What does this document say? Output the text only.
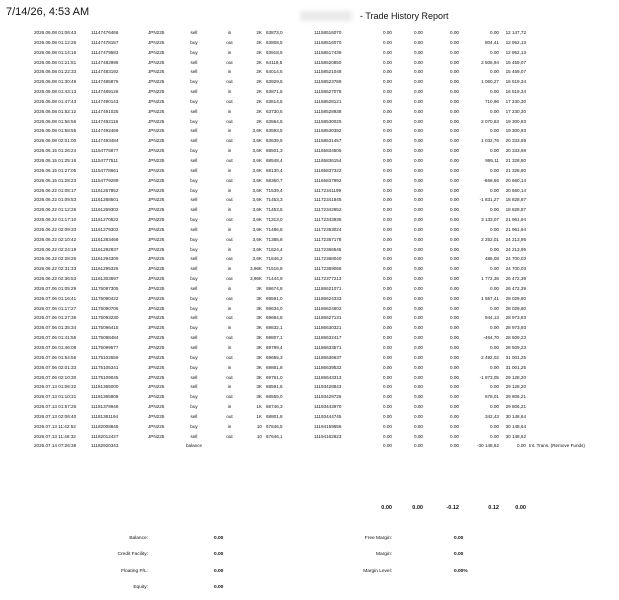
7/14/26, 4:53 AM	- Trade History Report
2026.06.08 01:06:43	11147476466	JPN225	sell	in	2K 63873,0	11158516070	0.00	0.00	0.00	0.00	12 147,72
2026.06.08 01:12:26	11147478157	JPN225	buy	out	2K 63808,5	11158516070	0.00	0.00	0.00	804,41	12 952,13
2026.06.08 01:14:16	11147479583	JPN225	buy	in	2K 63918,5	11158517439	0.00	0.00	0.00	0.00	12 952,13
2026.06.08 01:21:51	11147482995	JPN225	sell	out	2K 64119,5	11158520850	0.00	0.00	0.00	2 506,94	15 459,07
2026.06.08 01:22:33	11147483192	JPN225	sell	in	2K 64014,5	11158521048	0.00	0.00	0.00	0.00	15 459,07
2026.06.08 01:30:49	11147485875	JPN225	buy	out	2K 63929,5	11158523769	0.00	0.00	0.00	1 060,27	16 519,34
2026.06.08 01:43:13	11147489126	JPN225	sell	in	2K 63871,5	11158527078	0.00	0.00	0.00	0.00	16 519,34
2026.06.08 01:47:43	11147490143	JPN225	buy	out	2K 63814,5	11158528121	0.00	0.00	0.00	710,96	17 230,30
2026.06.08 01:52:12	11147491025	JPN225	sell	in	2K 63730,5	11158528938	0.00	0.00	0.00	0.00	17 230,30
2026.06.08 01:56:56	11147492118	JPN225	buy	out	2K 63564,5	11158530025	0.00	0.00	0.00	2 070,63	19 300,93
2026.06.08 01:58:55	11147492466	JPN225	sell	in	3,6K 63593,5	11158530392	0.00	0.00	0.00	0.00	19 300,93
2026.06.08 02:01:00	11147493484	JPN225	sell	out	3,6K 63639,5	11158531457	0.00	0.00	0.00	1 032,76	20 333,69
2026.06.15 01:26:24	11154775877	JPN225	buy	in	3,6K 68501,3	11165834505	0.00	0.00	0.00	0.00	20 333,69
2026.06.15 01:25:16	11154777511	JPN225	sell	out	3,6K 68548,4	11165836154	0.00	0.00	0.00	995,11	21 328,80
2026.06.15 01:27:05	11154778661	JPN225	sell	in	3,6K 68130,4	11165837322	0.00	0.00	0.00	0.00	21 328,80
2026.06.15 01:28:23	11154779289	JPN225	buy	out	3,6K 68360,7	11165837992	0.00	0.00	0.00	-668,66	20 660,14
2026.06.22 01:08:17	11161267852	JPN225	buy	in	3,6K 71539,4	11172341199	0.00	0.00	0.00	0.00	20 660,14
2026.06.22 01:09:53	11161268501	JPN225	sell	out	3,6K 71453,3	11172341845	0.00	0.00	0.00	-1 831,27	18 828,87
2026.06.22 01:12:26	11161269302	JPN225	sell	in	3,6K 71453,5	11172342652	0.00	0.00	0.00	0.00	18 828,87
2026.06.22 01:17:10	11161270522	JPN225	buy	out	3,6K 71313,0	11172343935	0.00	0.00	0.00	3 133,07	21 961,94
2026.06.22 02:09:33	11161279302	JPN225	sell	in	3,6K 71486,8	11172353024	0.00	0.00	0.00	0.00	21 961,94
2026.06.22 02:10:42	11161283469	JPN225	buy	out	3,6K 71385,8	11172357178	0.00	0.00	0.00	2 252,01	24 213,95
2026.06.22 02:24:19	11161292837	JPN225	buy	in	3,6K 71624,4	11172366545	0.00	0.00	0.00	0.00	24 213,95
2026.06.22 02:28:26	11161294309	JPN225	sell	out	3,6K 71646,2	11172368040	0.00	0.00	0.00	486,08	24 700,03
2026.06.22 02:31:33	11161295326	JPN225	sell	in	3,96K 71516,8	11172369066	0.00	0.00	0.00	0.00	24 700,03
2026.06.22 02:36:53	11161303597	JPN225	buy	out	3,96K 71444,9	11172377213	0.00	0.00	0.00	1 772,36	26 472,39
2026.07.06 01:05:29	11175087305	JPN225	sell	in	3K 69674,8	11186621071	0.00	0.00	0.00	0.00	26 472,39
2026.07.06 01:16:41	11175090422	JPN225	buy	out	3K 69591,0	11186624333	0.00	0.00	0.00	1 557,41	28 029,80
2026.07.06 01:17:27	11175090706	JPN225	buy	in	3K 69634,0	11186624602	0.00	0.00	0.00	0.00	28 029,80
2026.07.06 01:27:36	11175093230	JPN225	sell	out	3K 69684,8	11186627131	0.00	0.00	0.00	944,13	28 973,93
2026.07.06 01:35:34	11175096415	JPN225	buy	in	3K 69832,1	11186630321	0.00	0.00	0.00	0.00	28 973,93
2026.07.06 01:41:55	11175098484	JPN225	sell	out	3K 69807,1	11186632417	0.00	0.00	0.00	-464,70	28 509,23
2026.07.06 01:46:08	11175099577	JPN225	sell	in	3K 69789,4	11186633571	0.00	0.00	0.00	0.00	28 509,23
2026.07.06 01:54:56	11175102559	JPN225	buy	out	3K 69655,3	11186636637	0.00	0.00	0.00	2 492,02	31 001,25
2026.07.06 02:01:33	11175105341	JPN225	buy	in	3K 69861,8	11186639532	0.00	0.00	0.00	0.00	31 001,25
2026.07.06 02:10:30	11175109045	JPN225	sell	out	3K 69761,0	11186643313	0.00	0.00	0.00	-1 873,05	29 128,20
2026.07.13 01:06:32	11181365000	JPN225	sell	in	3K 68591,6	11193428843	0.00	0.00	0.00	0.00	29 128,20
2026.07.13 01:10:31	11181365808	JPN225	buy	out	3K 68555,0	11193429726	0.00	0.00	0.00	678,01	29 806,21
2026.07.13 01:57:26	11181379946	JPN225	buy	in	1K 68746,3	11193443970	0.00	0.00	0.00	0.00	29 806,21
2026.07.13 02:06:40	11181381194	JPN225	sell	out	1K 68801,8	11193444745	0.00	0.00	0.00	342,43	30 148,64
2026.07.13 11:42:52	11182008845	JPN225	buy	in	10 67646,5	11194159656	0.00	0.00	0.00	0.00	30 148,64
2026.07.13 11:46:32	11182012427	JPN225	sell	out	10 67646,1	11194162823	0.00	0.00	0.00	0.00	30 148,62
2026.07.14 07:26:38	11182920343	balance	0.00	0.00	0.00	-30 148,62	0.00 Int. Trans. (Remove Funds)
0.00	0.00	-0.12	0.12	0.00
Balance:	0.00
Credit Facility:	0.00
Floating P/L:	0.00
Equity:	0.00
Free Margin:	0.00
Margin:	0.00
Margin Level:	0.00%
